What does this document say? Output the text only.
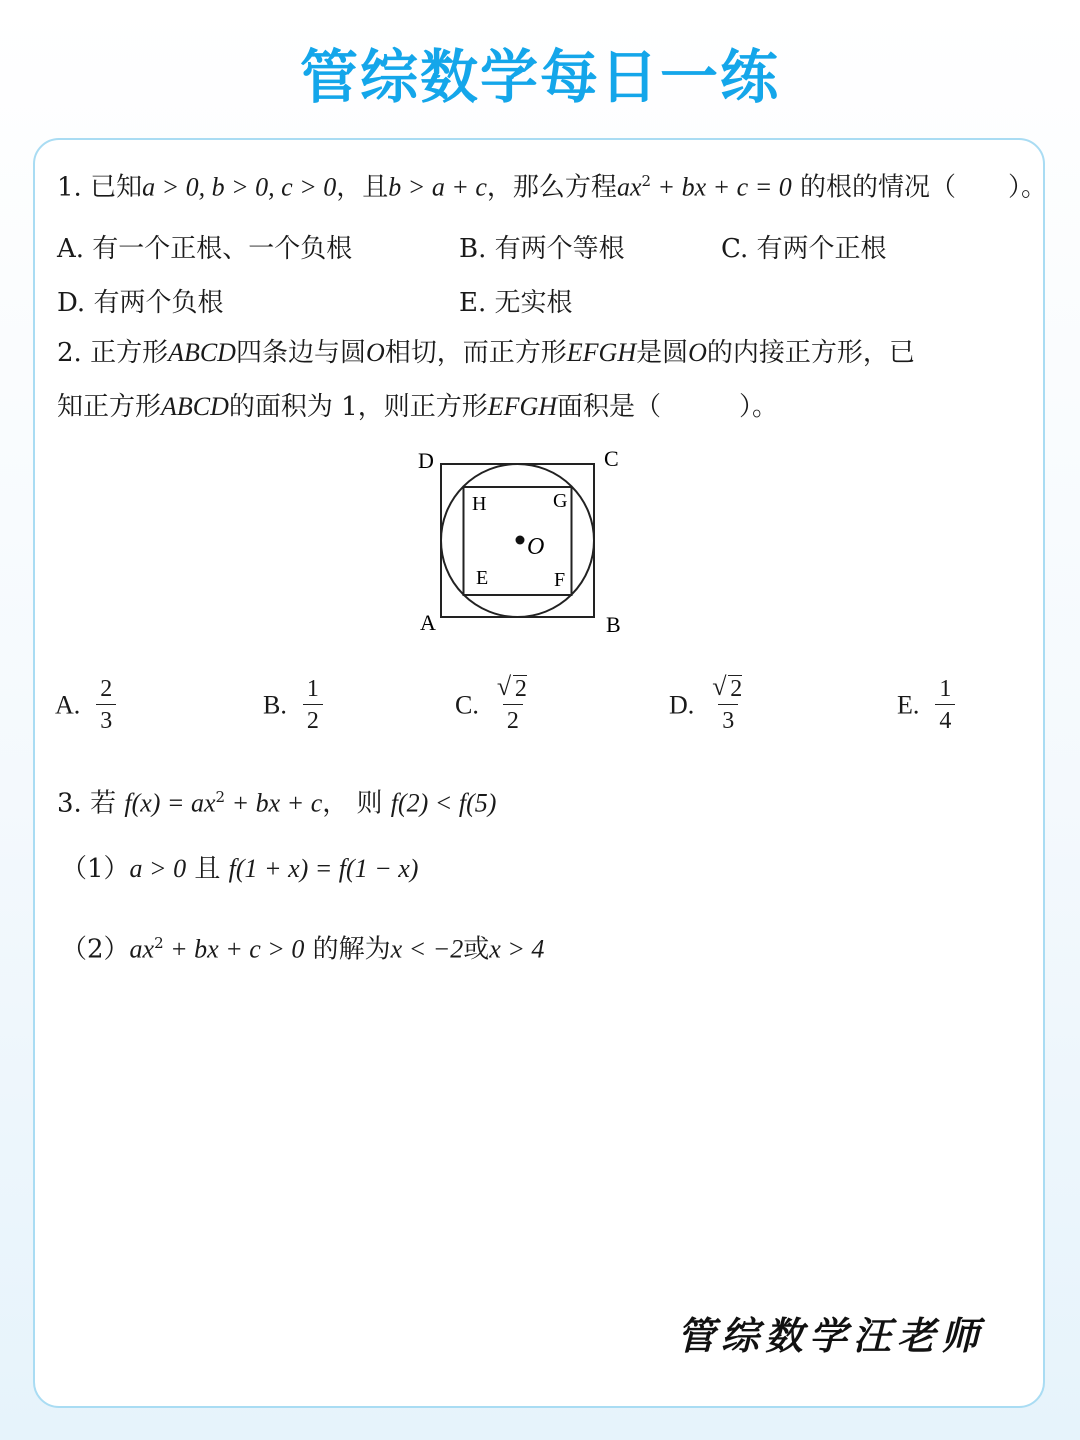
管综数学每日一练
1. 已知a > 0, b > 0, c > 0，且b > a + c，那么方程$ax^2$ + bx + c = 0 的根的情况（　　）。
A. 有一个正根、一个负根	B. 有两个等根	C. 有两个正根
D. 有两个负根	E. 无实根
2. 正方形ABCD四条边与圆O相切，而正方形EFGH是圆O的内接正方形，已
知正方形ABCD的面积为 1，则正方形EFGH面积是（　　　）。
A. $\frac{2}{3}$	B. $\frac{1}{2}$	C. √ $\frac{2}{2}$	D. √ $\frac{2}{3}$	E. $\frac{1}{4}$
3. 若 $f(x) = ax^2$ + bx + c， 则 f(2) < f(5)
（1）a > 0 且 f(1 + x) = f(1 − x)
$(2)ax^2$ + bx + c > 0 的解为x < −2或x > 4
管综数学汪老师
D	C
A	B
H	G
E	F
O
